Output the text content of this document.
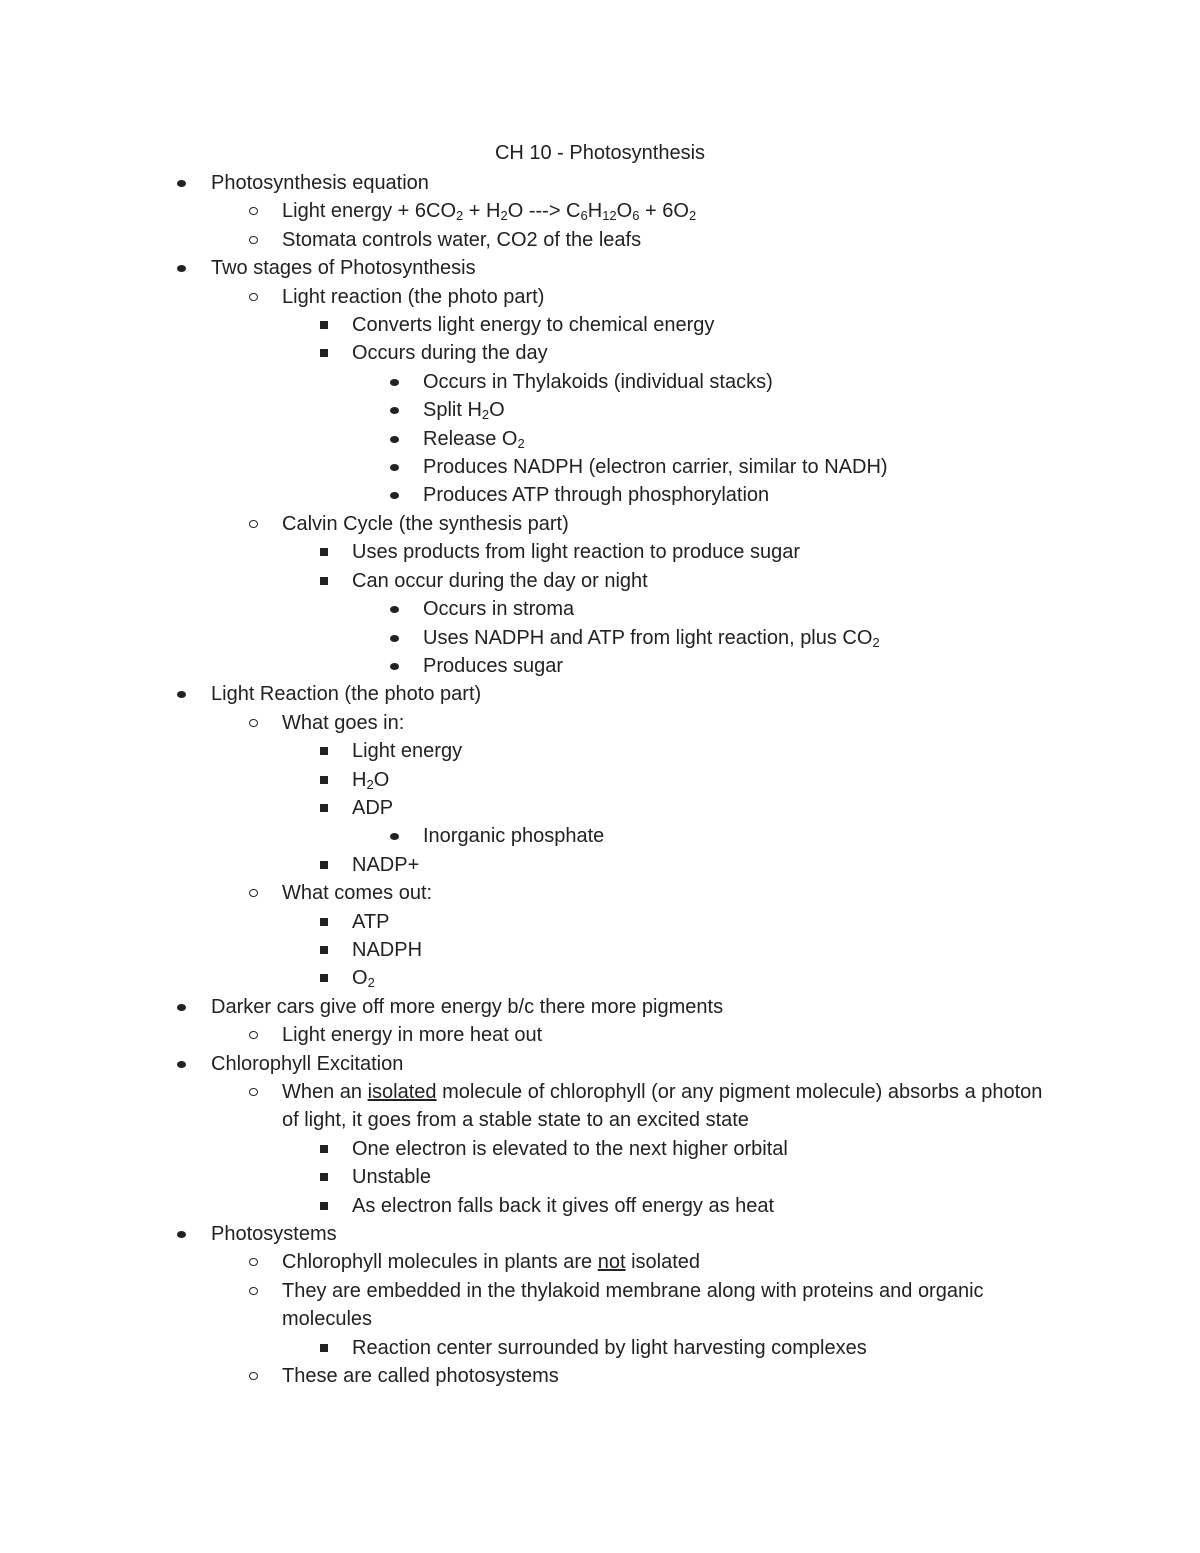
CH 10 - Photosynthesis
Photosynthesis equation
Light energy + $6CO_2 + H_2O$ ---> $C_6H_{12}O_6 + 6O_2$
Stomata controls water, CO2 of the leafs
Two stages of Photosynthesis
Light reaction (the photo part)
Converts light energy to chemical energy
Occurs during the day
Occurs in Thylakoids (individual stacks)
Split $H_2O$
Release $O_2$
Produces NADPH (electron carrier, similar to NADH)
Produces ATP through phosphorylation
Calvin Cycle (the synthesis part)
Uses products from light reaction to produce sugar
Can occur during the day or night
Occurs in stroma
Uses NADPH and ATP from light reaction, plus $CO_2$
Produces sugar
Light Reaction (the photo part)
What goes in:
Light energy
$H_2O$
ADP
Inorganic phosphate
NADP+
What comes out:
ATP
NADPH
$O_2$
Darker cars give off more energy b/c there more pigments
Light energy in more heat out
Chlorophyll Excitation
When an isolated molecule of chlorophyll (or any pigment molecule) absorbs a photon of light, it goes from a stable state to an excited state
One electron is elevated to the next higher orbital
Unstable
As electron falls back it gives off energy as heat
Photosystems
Chlorophyll molecules in plants are not isolated
They are embedded in the thylakoid membrane along with proteins and organic molecules
Reaction center surrounded by light harvesting complexes
These are called photosystems
